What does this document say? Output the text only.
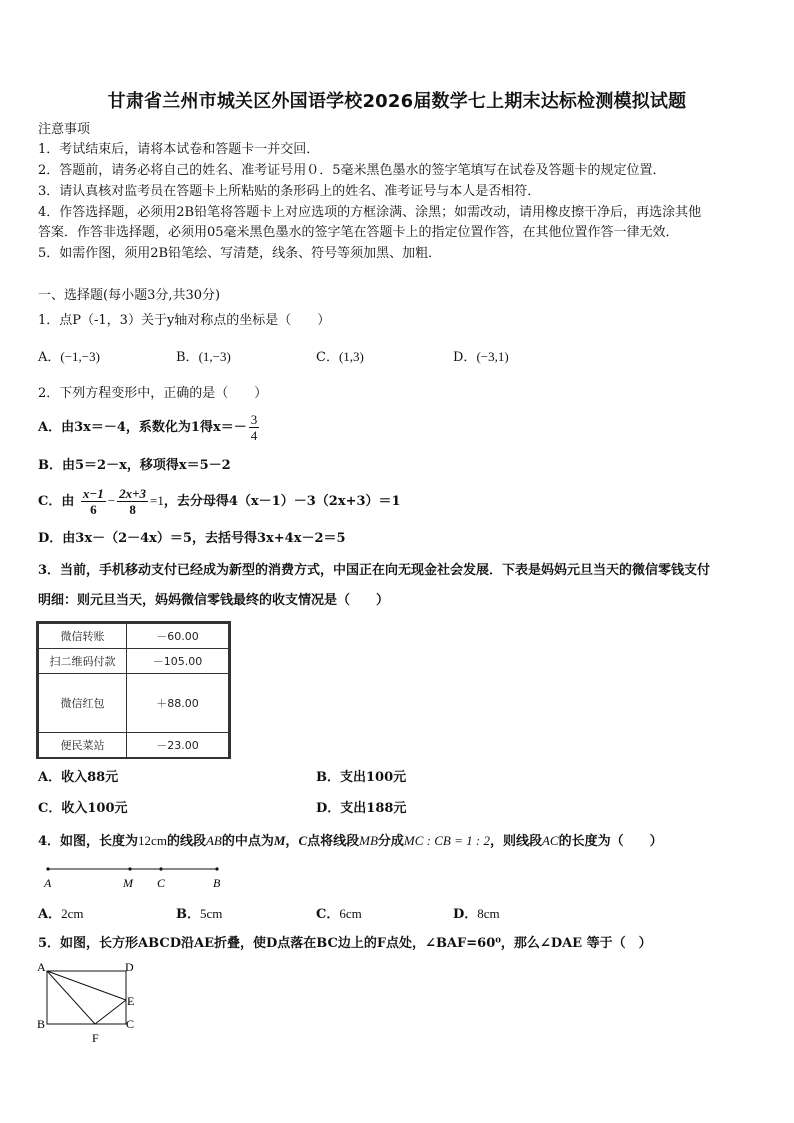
甘肃省兰州市城关区外国语学校2026届数学七上期末达标检测模拟试题
注意事项
1．考试结束后，请将本试卷和答题卡一并交回．
2．答题前，请务必将自己的姓名、准考证号用０．5毫米黑色墨水的签字笔填写在试卷及答题卡的规定位置．
3．请认真核对监考员在答题卡上所粘贴的条形码上的姓名、准考证号与本人是否相符．
4．作答选择题，必须用2B铅笔将答题卡上对应选项的方框涂满、涂黑；如需改动，请用橡皮擦干净后，再选涂其他
答案．作答非选择题，必须用05毫米黑色墨水的签字笔在答题卡上的指定位置作答，在其他位置作答一律无效．
5．如需作图，须用2B铅笔绘、写清楚，线条、符号等须加黑、加粗．
一、选择题(每小题3分,共30分)
1．点P（-1，3）关于y轴对称点的坐标是（　　）
A．(−1,−3)	B．(1,−3)	C．(1,3)	D．(−3,1)
2．下列方程变形中，正确的是（　　）
A．由3x＝－4，系数化为1得$x=- \frac{3}{4}$
B．由5＝2－x，移项得x＝5－2
C．由 $\frac{x-1}{6} - \frac{2x+3}{8} =1$，去分母得4（x－1）－3（2x+3）＝1
D．由3x－（2－4x）＝5，去括号得3x+4x－2＝5
3．当前，手机移动支付已经成为新型的消费方式，中国正在向无现金社会发展．下表是妈妈元旦当天的微信零钱支付
明细：则元旦当天，妈妈微信零钱最终的收支情况是（　　）
微信转账	－60.00
扫二维码付款	－105.00
微信红包	＋88.00
便民菜站	－23.00
A．收入88元	B．支出100元
C．收入100元	D．支出188元
4．如图，长度为12cm的线段AB的中点为M，C点将线段MB分成MC : CB = 1 : 2，则线段AC的长度为（　　）
A	M C	B
A．2cm	B．5cm	C．6cm	D．8cm
5．如图，长方形ABCD沿AE折叠，使D点落在BC边上的F点处，∠BAF=60⁰，那么∠DAE 等于（　）
A	D
E
B	C
F
